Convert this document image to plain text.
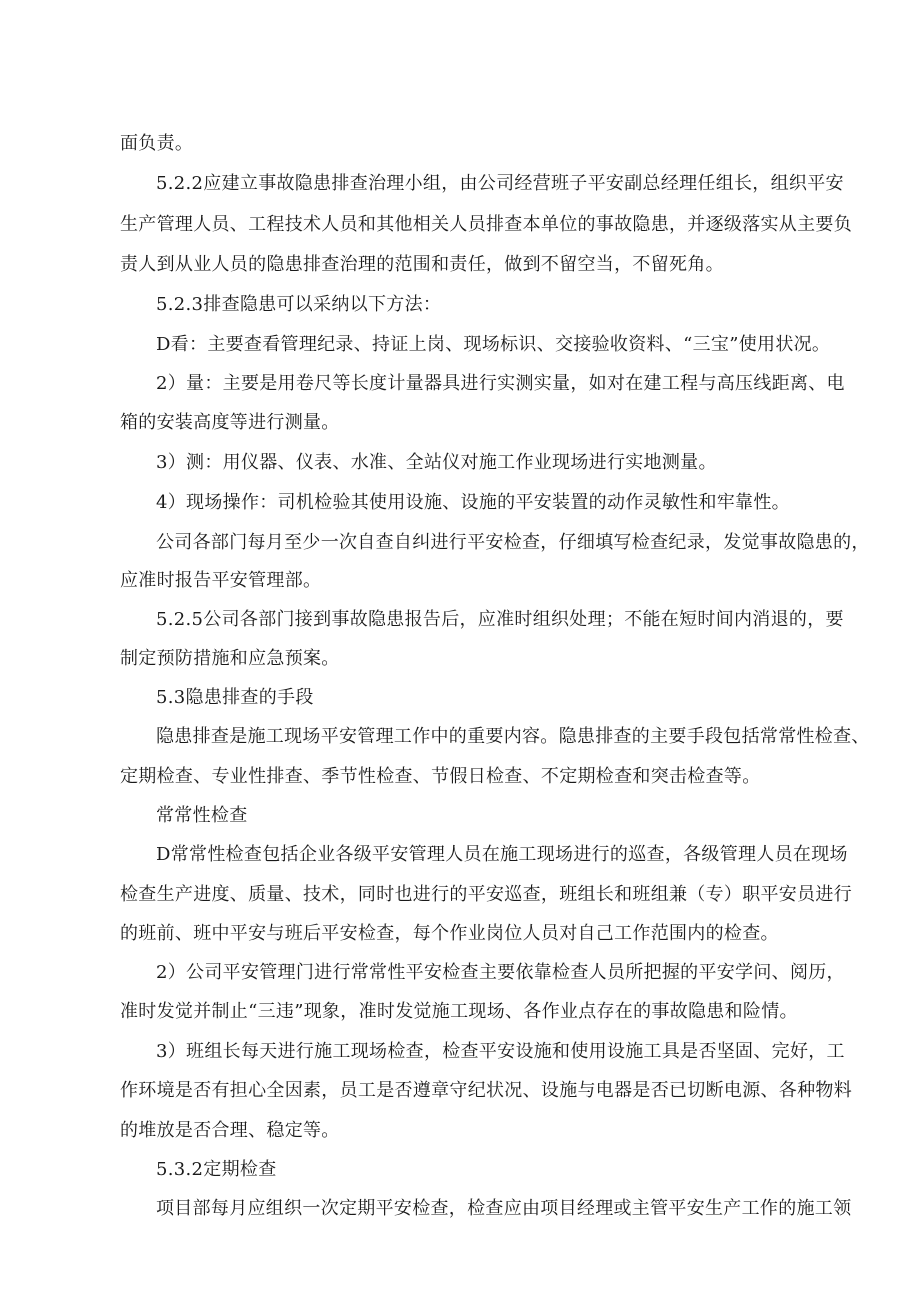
面负责。
5.2.2应建立事故隐患排查治理小组，由公司经营班子平安副总经理任组长，组织平安
生产管理人员、工程技术人员和其他相关人员排查本单位的事故隐患，并逐级落实从主要负
责人到从业人员的隐患排查治理的范围和责任，做到不留空当，不留死角。
5.2.3排查隐患可以采纳以下方法：
D看：主要查看管理纪录、持证上岗、现场标识、交接验收资料、“三宝”使用状况。
2）量：主要是用卷尺等长度计量器具进行实测实量，如对在建工程与高压线距离、电
箱的安装高度等进行测量。
3）测：用仪器、仪表、水准、全站仪对施工作业现场进行实地测量。
4）现场操作：司机检验其使用设施、设施的平安装置的动作灵敏性和牢靠性。
公司各部门每月至少一次自查自纠进行平安检查，仔细填写检查纪录，发觉事故隐患的，
应准时报告平安管理部。
5.2.5公司各部门接到事故隐患报告后，应准时组织处理；不能在短时间内消退的，要
制定预防措施和应急预案。
5.3隐患排查的手段
隐患排查是施工现场平安管理工作中的重要内容。隐患排查的主要手段包括常常性检查、
定期检查、专业性排查、季节性检查、节假日检查、不定期检查和突击检查等。
常常性检查
D常常性检查包括企业各级平安管理人员在施工现场进行的巡查，各级管理人员在现场
检查生产进度、质量、技术，同时也进行的平安巡查，班组长和班组兼（专）职平安员进行
的班前、班中平安与班后平安检查，每个作业岗位人员对自己工作范围内的检查。
2）公司平安管理门进行常常性平安检查主要依靠检查人员所把握的平安学问、阅历，
准时发觉并制止“三违”现象，准时发觉施工现场、各作业点存在的事故隐患和险情。
3）班组长每天进行施工现场检查，检查平安设施和使用设施工具是否坚固、完好，工
作环境是否有担心全因素，员工是否遵章守纪状况、设施与电器是否已切断电源、各种物料
的堆放是否合理、稳定等。
5.3.2定期检查
项目部每月应组织一次定期平安检查，检查应由项目经理或主管平安生产工作的施工领
